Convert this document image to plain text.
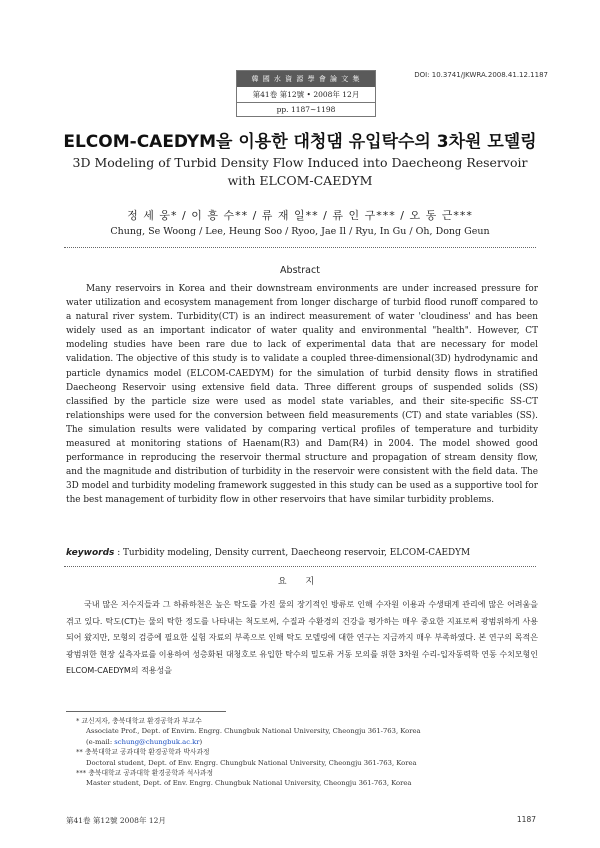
韓 國 水 資 源 學 會 論 文 集
第41卷 第12號 • 2008年 12月
pp. 1187~1198
DOI: 10.3741/JKWRA.2008.41.12.1187
ELCOM-CAEDYM을 이용한 대청댐 유입탁수의 3차원 모델링
3D Modeling of Turbid Density Flow Induced into Daecheong Reservoir with ELCOM-CAEDYM
정 세 웅* / 이 흥 수** / 류 재 일** / 류 인 구*** / 오 동 근***
Chung, Se Woong / Lee, Heung Soo / Ryoo, Jae Il / Ryu, In Gu / Oh, Dong Geun
Abstract
Many reservoirs in Korea and their downstream environments are under increased pressure for water utilization and ecosystem management from longer discharge of turbid flood runoff compared to a natural river system. Turbidity(CT) is an indirect measurement of water 'cloudiness' and has been widely used as an important indicator of water quality and environmental "health". However, CT modeling studies have been rare due to lack of experimental data that are necessary for model validation. The objective of this study is to validate a coupled three-dimensional(3D) hydrodynamic and particle dynamics model (ELCOM-CAEDYM) for the simulation of turbid density flows in stratified Daecheong Reservoir using extensive field data. Three different groups of suspended solids (SS) classified by the particle size were used as model state variables, and their site-specific SS-CT relationships were used for the conversion between field measurements (CT) and state variables (SS). The simulation results were validated by comparing vertical profiles of temperature and turbidity measured at monitoring stations of Haenam(R3) and Dam(R4) in 2004. The model showed good performance in reproducing the reservoir thermal structure and propagation of stream density flow, and the magnitude and distribution of turbidity in the reservoir were consistent with the field data. The 3D model and turbidity modeling framework suggested in this study can be used as a supportive tool for the best management of turbidity flow in other reservoirs that have similar turbidity problems.
keywords : Turbidity modeling, Density current, Daecheong reservoir, ELCOM-CAEDYM
요 지
국내 많은 저수지들과 그 하류하천은 높은 탁도를 가진 물의 장기적인 방류로 인해 수자원 이용과 수생태계 관리에 많은 어려움을 겪고 있다. 탁도(CT)는 물의 탁한 정도를 나타내는 척도로써, 수질과 수환경의 건강을 평가하는 매우 중요한 지표로써 광범위하게 사용되어 왔지만, 모형의 검증에 필요한 실험 자료의 부족으로 인해 탁도 모델링에 대한 연구는 지금까지 매우 부족하였다. 본 연구의 목적은 광범위한 현장 실측자료를 이용하여 성층화된 대청호로 유입한 탁수의 밀도류 거동 모의를 위한 3차원 수리-입자동력학 연동 수치모형인 ELCOM-CAEDYM의 적용성을
* 교신저자, 충북대학교 환경공학과 부교수
Associate Prof., Dept. of Envirn. Engrg. Chungbuk National University, Cheongju 361-763, Korea
(e-mail: schung@chungbuk.ac.kr)
** 충북대학교 공과대학 환경공학과 박사과정
Doctoral student, Dept. of Env. Engrg. Chungbuk National University, Cheongju 361-763, Korea
*** 충북대학교 공과대학 환경공학과 석사과정
Master student, Dept. of Env. Engrg. Chungbuk National University, Cheongju 361-763, Korea
第41卷 第12號 2008年 12月	1187
